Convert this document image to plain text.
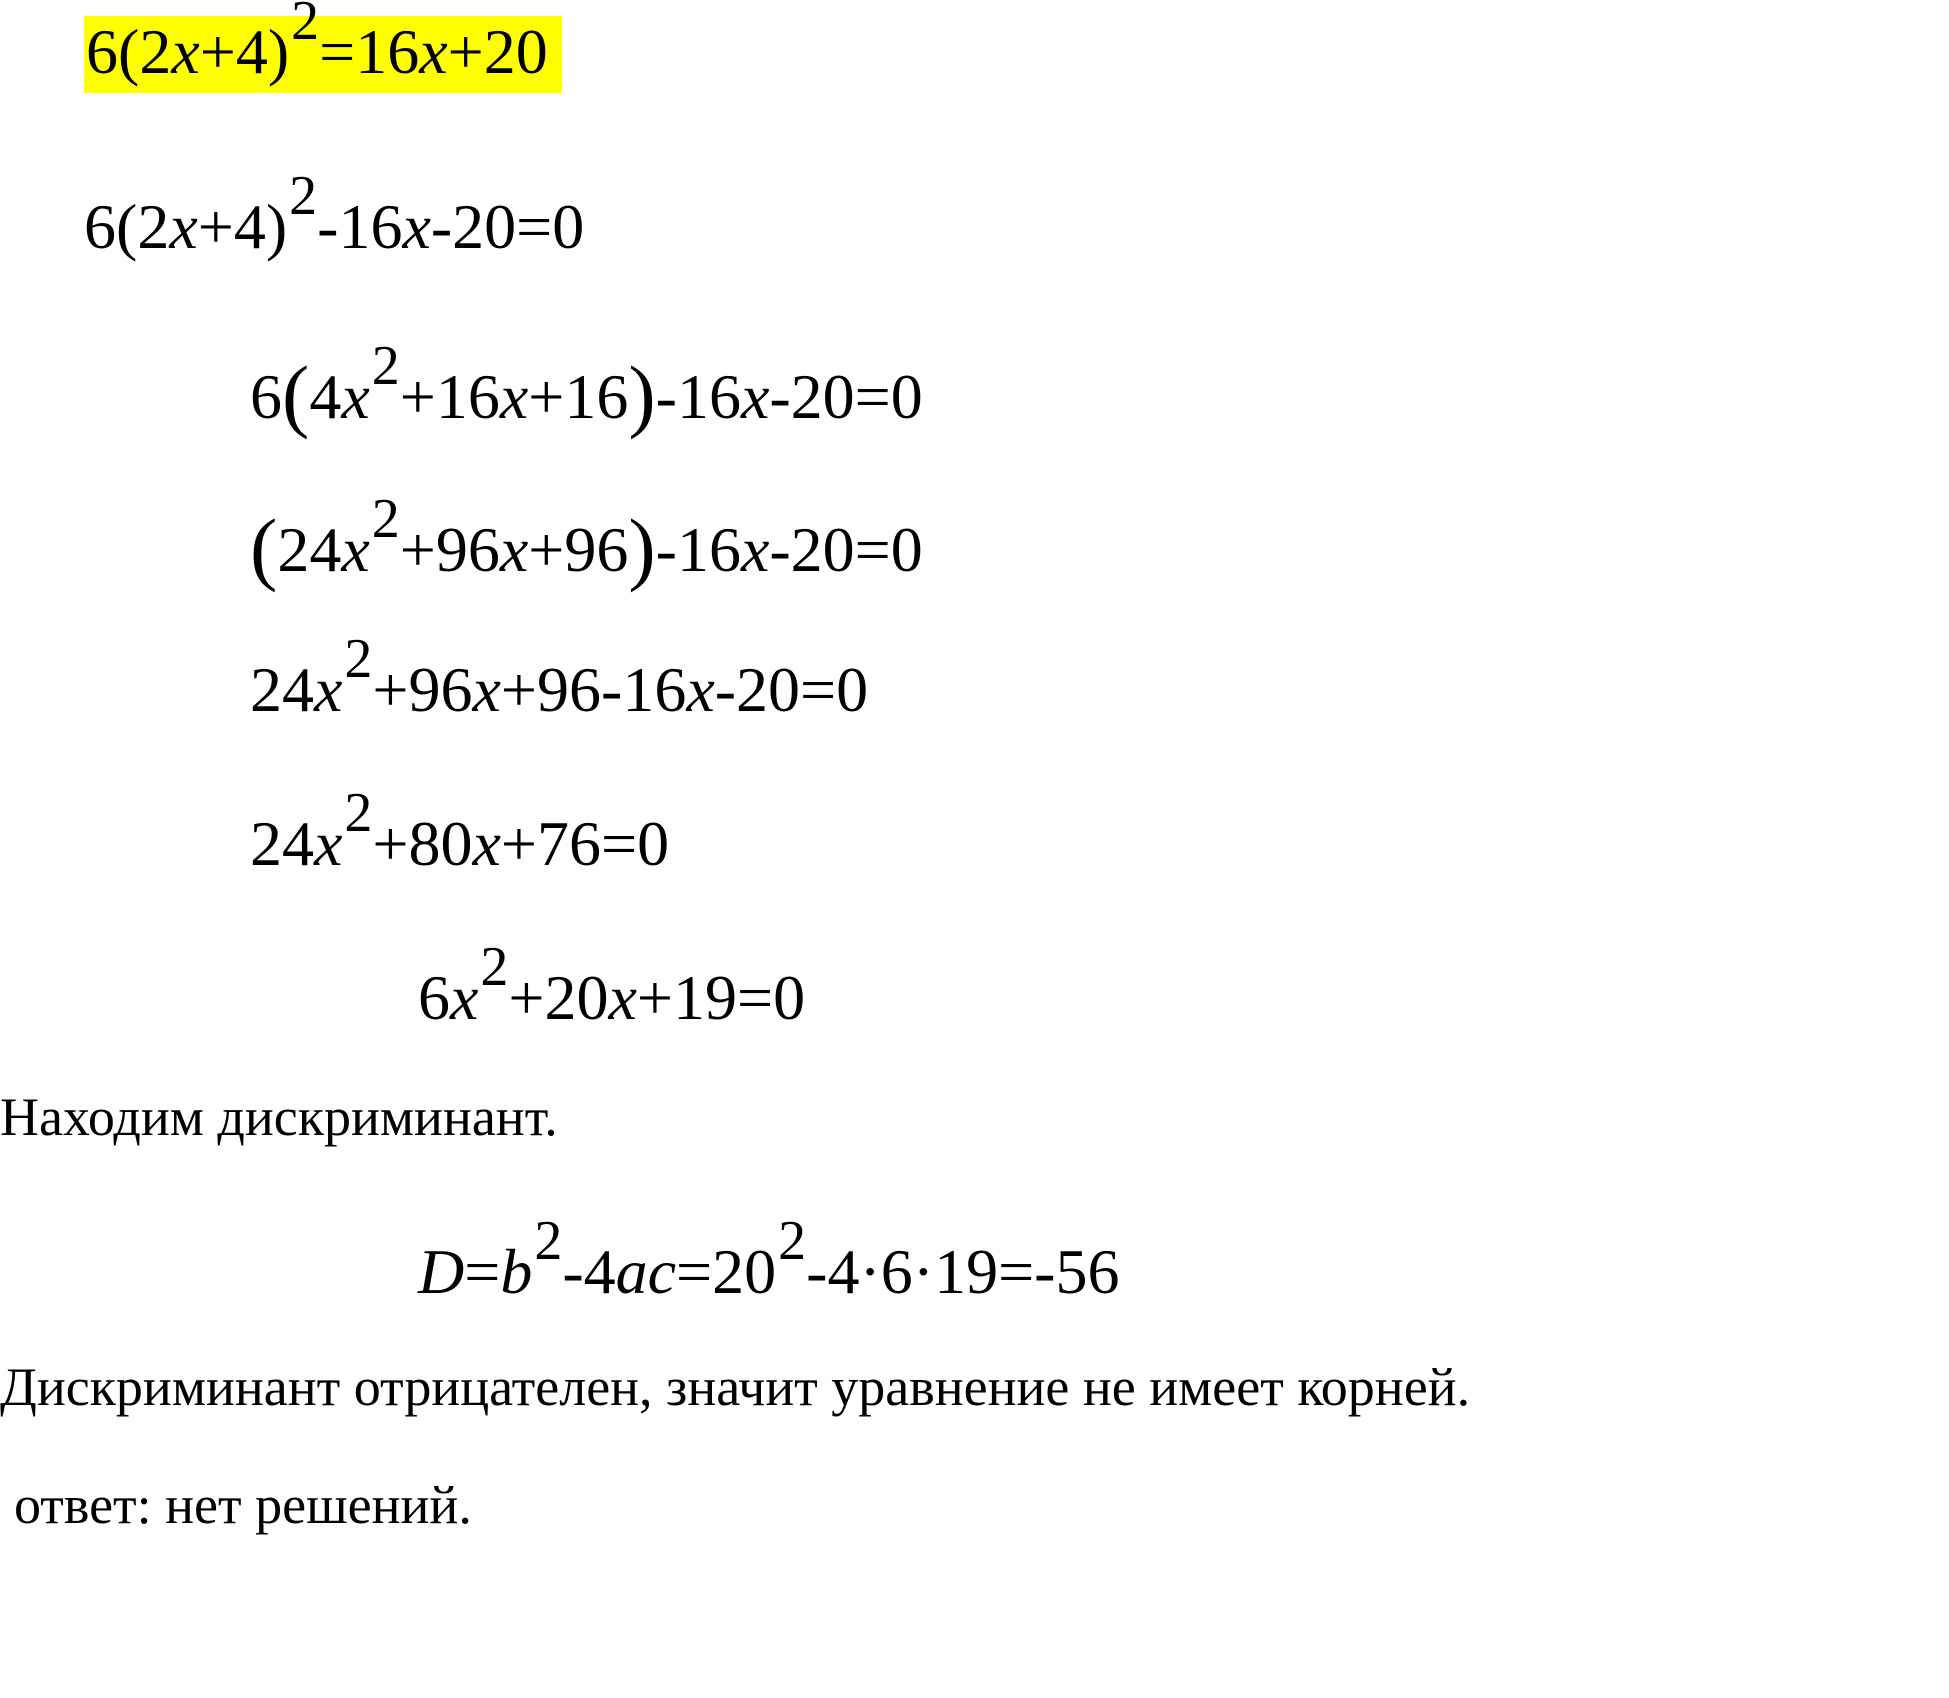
6(2x+4)2=16x+20
6(2x+4)2-16x-20=0
6(4x2+16x+16)-16x-20=0
(24x2+96x+96)-16x-20=0
24x2+96x+96-16x-20=0
24x2+80x+76=0
6x2+20x+19=0
Находим дискриминант.
D=b2-4ac=202-4·6·19=-56
Дискриминант отрицателен, значит уравнение не имеет корней.
ответ: нет решений.
